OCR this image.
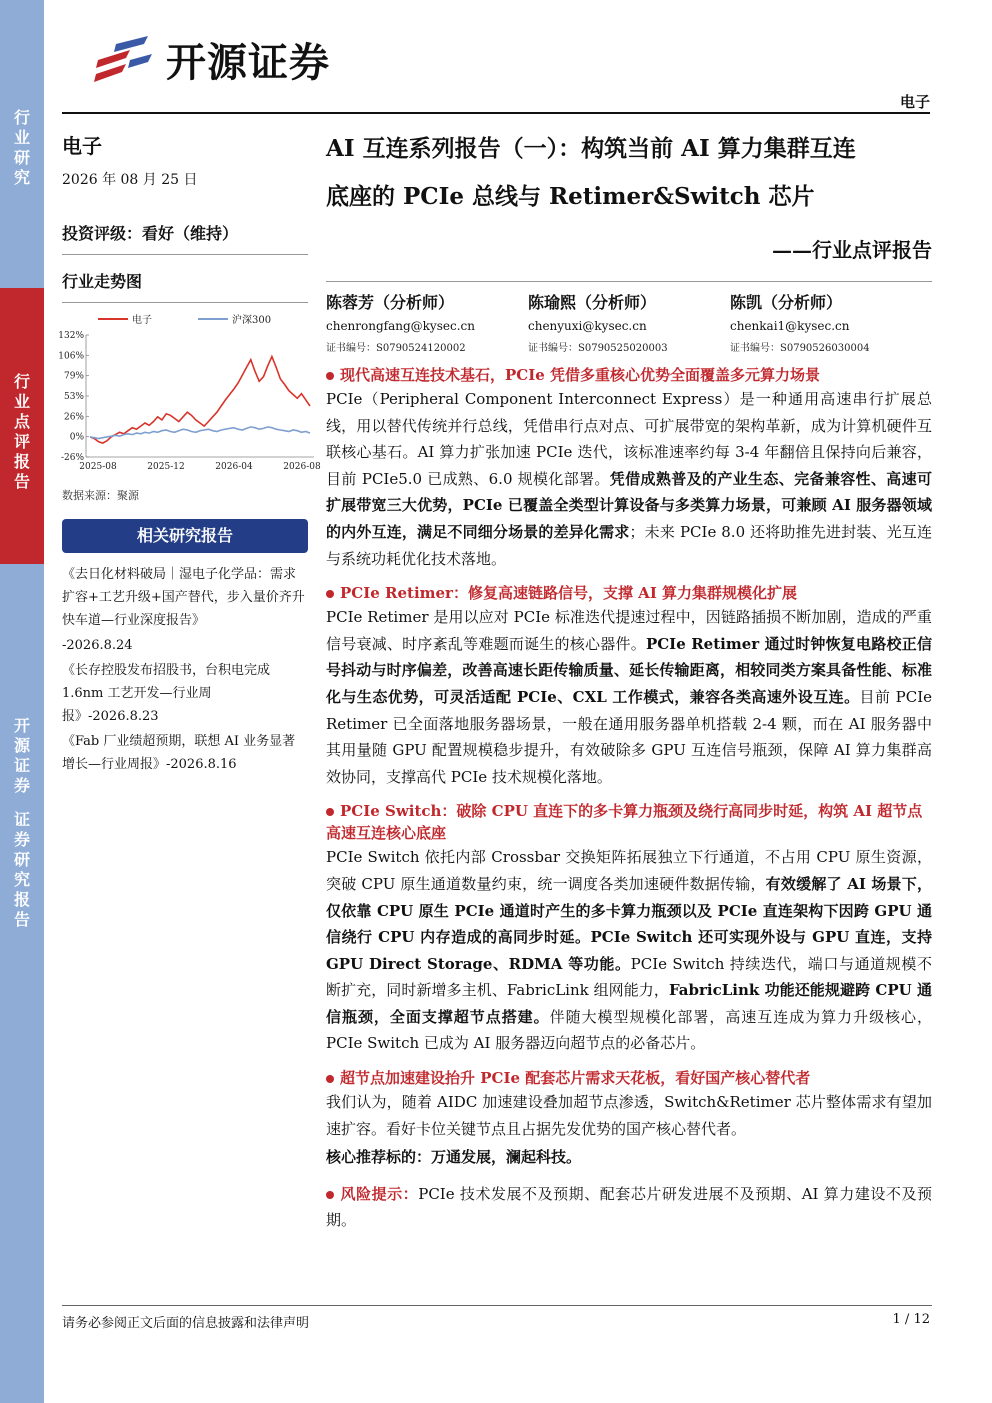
行
业
研
究
行
业
点
评
报
告
开
源
证
券
证
券
研
究
报
告
开源证券
电子
电子
2026 年 08 月 25 日
投资评级：看好（维持）
行业走势图
电子	沪深300
132%
106%
79%
53%
26%
0%
-26%
2025-08	2025-12	2026-04	2026-08
数据来源：聚源
相关研究报告
《去日化材料破局｜湿电子化学品：需求扩容+工艺升级+国产替代，步入量价齐升快车道—行业深度报告》
-2026.8.24
《长存控股发布招股书，台积电完成1.6nm 工艺开发—行业周报》-2026.8.23
《Fab 厂业绩超预期，联想 AI 业务显著增长—行业周报》-2026.8.16
AI 互连系列报告（一）：构筑当前 AI 算力集群互连
底座的 PCIe 总线与 Retimer&Switch 芯片
——行业点评报告
陈蓉芳（分析师）
chenrongfang@kysec.cn
证书编号：S0790524120002
陈瑜熙（分析师）
chenyuxi@kysec.cn
证书编号：S0790525020003
陈凯（分析师）
chenkai1@kysec.cn
证书编号：S0790526030004
现代高速互连技术基石，PCIe 凭借多重核心优势全面覆盖多元算力场景
PCIe（Peripheral Component Interconnect Express）是一种通用高速串行扩展总线，用以替代传统并行总线，凭借串行点对点、可扩展带宽的架构革新，成为计算机硬件互联核心基石。AI 算力扩张加速 PCIe 迭代，该标准速率约每 3-4 年翻倍且保持向后兼容，目前 PCIe5.0 已成熟、6.0 规模化部署。凭借成熟普及的产业生态、完备兼容性、高速可扩展带宽三大优势，PCIe 已覆盖全类型计算设备与多类算力场景，可兼顾 AI 服务器领域的内外互连，满足不同细分场景的差异化需求；未来 PCIe 8.0 还将助推先进封装、光互连与系统功耗优化技术落地。
PCIe Retimer：修复高速链路信号，支撑 AI 算力集群规模化扩展
PCIe Retimer 是用以应对 PCIe 标准迭代提速过程中，因链路插损不断加剧，造成的严重信号衰减、时序紊乱等难题而诞生的核心器件。PCIe Retimer 通过时钟恢复电路校正信号抖动与时序偏差，改善高速长距传输质量、延长传输距离，相较同类方案具备性能、标准化与生态优势，可灵活适配 PCIe、CXL 工作模式，兼容各类高速外设互连。目前 PCIe Retimer 已全面落地服务器场景，一般在通用服务器单机搭载 2-4 颗，而在 AI 服务器中其用量随 GPU 配置规模稳步提升，有效破除多 GPU 互连信号瓶颈，保障 AI 算力集群高效协同，支撑高代 PCIe 技术规模化落地。
PCIe Switch：破除 CPU 直连下的多卡算力瓶颈及绕行高同步时延，构筑 AI 超节点高速互连核心底座
PCIe Switch 依托内部 Crossbar 交换矩阵拓展独立下行通道，不占用 CPU 原生资源，突破 CPU 原生通道数量约束，统一调度各类加速硬件数据传输，有效缓解了 AI 场景下，仅依靠 CPU 原生 PCIe 通道时产生的多卡算力瓶颈以及 PCIe 直连架构下因跨 GPU 通信绕行 CPU 内存造成的高同步时延。PCIe Switch 还可实现外设与 GPU 直连，支持 GPU Direct Storage、RDMA 等功能。PCIe Switch 持续迭代，端口与通道规模不断扩充，同时新增多主机、FabricLink 组网能力，FabricLink 功能还能规避跨 CPU 通信瓶颈，全面支撑超节点搭建。伴随大模型规模化部署，高速互连成为算力升级核心，PCIe Switch 已成为 AI 服务器迈向超节点的必备芯片。
超节点加速建设抬升 PCIe 配套芯片需求天花板，看好国产核心替代者
我们认为，随着 AIDC 加速建设叠加超节点渗透，Switch&Retimer 芯片整体需求有望加速扩容。看好卡位关键节点且占据先发优势的国产核心替代者。
核心推荐标的：万通发展，澜起科技。
风险提示：PCIe 技术发展不及预期、配套芯片研发进展不及预期、AI 算力建设不及预期。
请务必参阅正文后面的信息披露和法律声明	1 / 12
